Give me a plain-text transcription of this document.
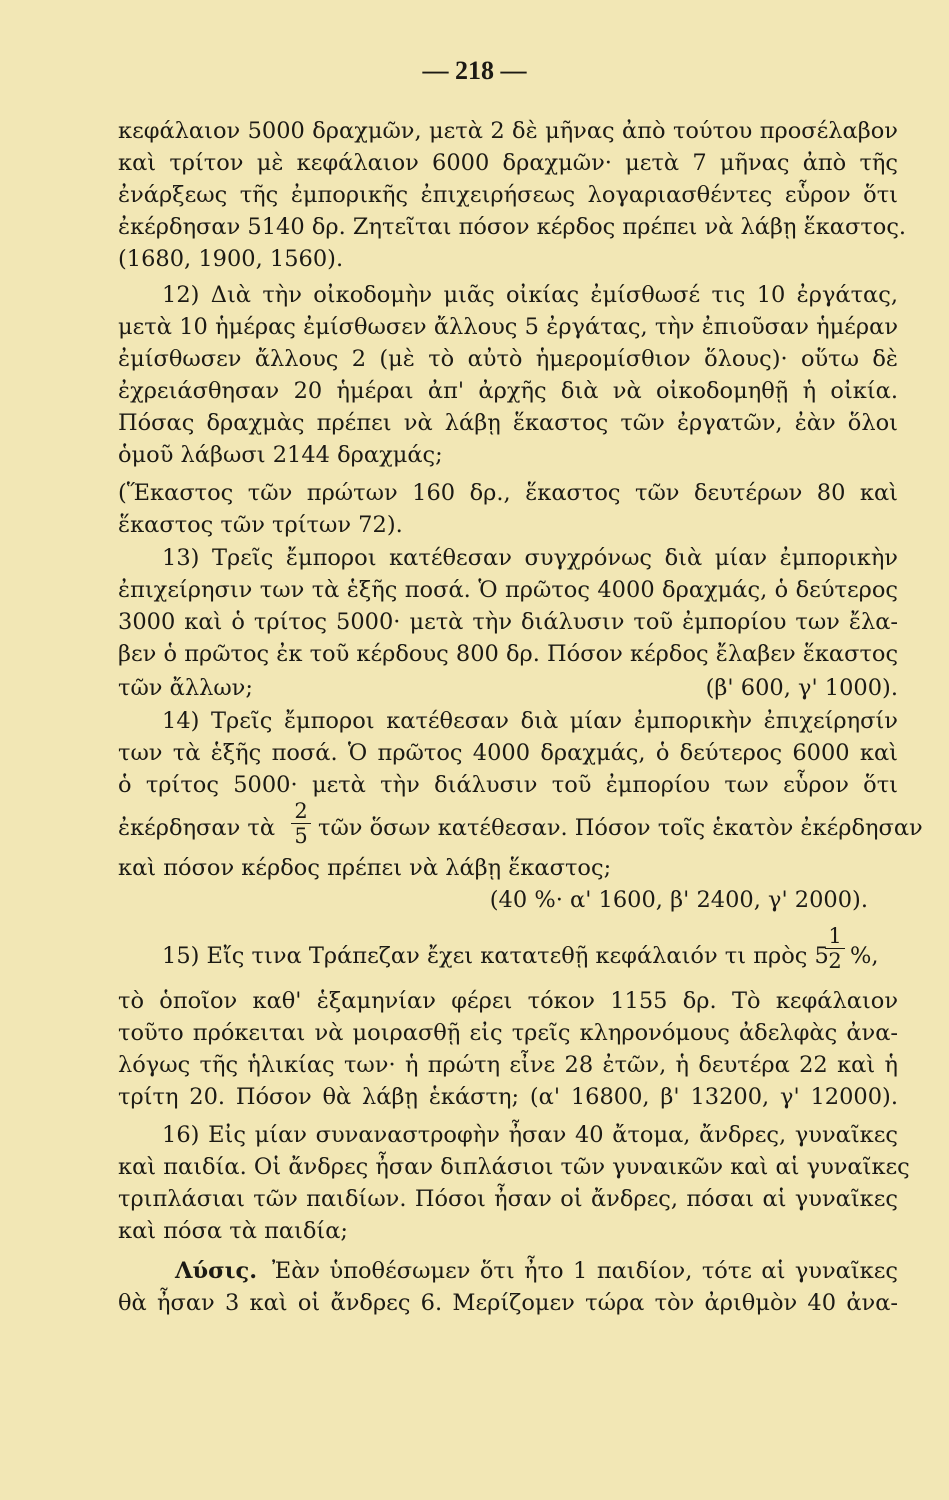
— 218 —
κεφάλαιον 5000 δραχμῶν, μετὰ 2 δὲ μῆνας ἀπὸ τούτου προσέλαβον
καὶ τρίτον μὲ κεφάλαιον 6000 δραχμῶν· μετὰ 7 μῆνας ἀπὸ τῆς
ἐνάρξεως τῆς ἐμπορικῆς ἐπιχειρήσεως λογαριασθέντες εὗρον ὅτι
ἐκέρδησαν 5140 δρ. Ζητεῖται πόσον κέρδος πρέπει νὰ λάβῃ ἕκαστος.
(1680, 1900, 1560).
12) Διὰ τὴν οἰκοδομὴν μιᾶς οἰκίας ἐμίσθωσέ τις 10 ἐργάτας,
μετὰ 10 ἡμέρας ἐμίσθωσεν ἄλλους 5 ἐργάτας, τὴν ἐπιοῦσαν ἡμέραν
ἐμίσθωσεν ἄλλους 2 (μὲ τὸ αὐτὸ ἡμερομίσθιον ὅλους)· οὕτω δὲ
ἐχρειάσθησαν 20 ἡμέραι ἀπ' ἀρχῆς διὰ νὰ οἰκοδομηθῇ ἡ οἰκία.
Πόσας δραχμὰς πρέπει νὰ λάβῃ ἕκαστος τῶν ἐργατῶν, ἐὰν ὅλοι
ὁμοῦ λάβωσι 2144 δραχμάς;
(Ἕκαστος τῶν πρώτων 160 δρ., ἕκαστος τῶν δευτέρων 80 καὶ
ἕκαστος τῶν τρίτων 72).
13) Τρεῖς ἔμποροι κατέθεσαν συγχρόνως διὰ μίαν ἐμπορικὴν
ἐπιχείρησιν των τὰ ἑξῆς ποσά. Ὁ πρῶτος 4000 δραχμάς, ὁ δεύτερος
3000 καὶ ὁ τρίτος 5000· μετὰ τὴν διάλυσιν τοῦ ἐμπορίου των ἔλα-
βεν ὁ πρῶτος ἐκ τοῦ κέρδους 800 δρ. Πόσον κέρδος ἔλαβεν ἕκαστος
τῶν ἄλλων;	(β' 600, γ' 1000).
14) Τρεῖς ἔμποροι κατέθεσαν διὰ μίαν ἐμπορικὴν ἐπιχείρησίν
των τὰ ἑξῆς ποσά. Ὁ πρῶτος 4000 δραχμάς, ὁ δεύτερος 6000 καὶ
ὁ τρίτος 5000· μετὰ τὴν διάλυσιν τοῦ ἐμπορίου των εὗρον ὅτι
ἐκέρδησαν τὰ
2
5 τῶν ὅσων κατέθεσαν. Πόσον τοῖς ἑκατὸν ἐκέρδησαν
καὶ πόσον κέρδος πρέπει νὰ λάβῃ ἕκαστος;
(40 %· α' 1600, β' 2400, γ' 2000).
15) Εἴς τινα Τράπεζαν ἔχει κατατεθῇ κεφάλαιόν τι πρὸς 5
1
2 %,
τὸ ὁποῖον καθ' ἑξαμηνίαν φέρει τόκον 1155 δρ. Τὸ κεφάλαιον
τοῦτο πρόκειται νὰ μοιρασθῇ εἰς τρεῖς κληρονόμους ἀδελφὰς ἀνα-
λόγως τῆς ἡλικίας των· ἡ πρώτη εἶνε 28 ἐτῶν, ἡ δευτέρα 22 καὶ ἡ
τρίτη 20. Πόσον θὰ λάβῃ ἑκάστη; (α' 16800, β' 13200, γ' 12000).
16) Εἰς μίαν συναναστροφὴν ἦσαν 40 ἄτομα, ἄνδρες, γυναῖκες
καὶ παιδία. Οἱ ἄνδρες ἦσαν διπλάσιοι τῶν γυναικῶν καὶ αἱ γυναῖκες
τριπλάσιαι τῶν παιδίων. Πόσοι ἦσαν οἱ ἄνδρες, πόσαι αἱ γυναῖκες
καὶ πόσα τὰ παιδία;
Λύσις. Ἐὰν ὑποθέσωμεν ὅτι ἦτο 1 παιδίον, τότε αἱ γυναῖκες
θὰ ἦσαν 3 καὶ οἱ ἄνδρες 6. Μερίζομεν τώρα τὸν ἀριθμὸν 40 ἀνα-
